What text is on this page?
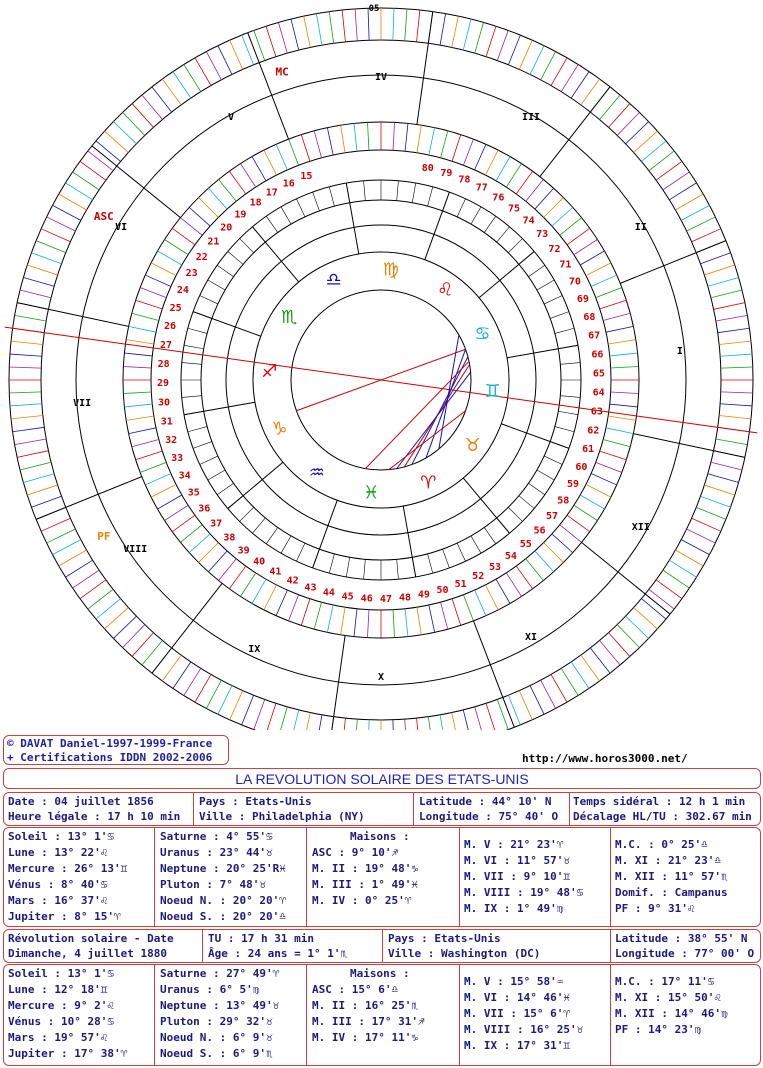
15
16
17
18
19
20
21
22
23
24
25
26
27
28
29
30
31
32
33
34
35
36
37
38
39
40
41
42
43 44 45 46 47 48 49 50
51
52
53
54
55
56
57
58
59
60
61
62
63
64
65
66
67
68
69
70
71
72
73
74
75
76
77
78
79
80
I
II
III
IV
V
VI
VII
VIII
IX
X
XI
XII
♋
♊
♉
♈
♓
♒
♑
♐
♏
♎ ♍
♌
ASC
MC
PF
05
© DAVAT Daniel-1997-1999-France
+ Certifications IDDN 2002-2006	http://www.horos3000.net/
LA REVOLUTION SOLAIRE DES ETATS-UNIS
Date : 04 juillet 1856
Heure légale : 17 h 10 min
Pays : Etats-Unis
Ville : Philadelphia (NY)
Latitude : 44° 10' N
Longitude : 75° 40' O
Temps sidéral : 12 h 1 min
Décalage HL/TU : 302.67 min
Soleil : 13° 1'♋
Lune : 13° 22'♌
Mercure : 26° 13'♊
Vénus : 8° 40'♋
Mars : 16° 37'♌
Jupiter : 8° 15'♈
Saturne : 4° 55'♋
Uranus : 23° 44'♉
Neptune : 20° 25'R♓
Pluton : 7° 48'♉
Noeud N. : 20° 20'♈
Noeud S. : 20° 20'♎
Maisons :
ASC : 9° 10'♐
M. II : 19° 48'♑
M. III : 1° 49'♓
M. IV : 0° 25'♈
M. V : 21° 23'♈
M. VI : 11° 57'♉
M. VII : 9° 10'♊
M. VIII : 19° 48'♋
M. IX : 1° 49'♍
M.C. : 0° 25'♎
M. XI : 21° 23'♎
M. XII : 11° 57'♏
Domif. : Campanus
PF : 9° 31'♌
Révolution solaire - Date
Dimanche, 4 juillet 1880
TU : 17 h 31 min
Âge : 24 ans = 1° 1'♏
Pays : Etats-Unis
Ville : Washington (DC)
Latitude : 38° 55' N
Longitude : 77° 00' O
Soleil : 13° 1'♋
Lune : 12° 18'♊
Mercure : 9° 2'♌
Vénus : 10° 28'♋
Mars : 19° 57'♌
Jupiter : 17° 38'♈
Saturne : 27° 49'♈
Uranus : 6° 5'♍
Neptune : 13° 49'♉
Pluton : 29° 32'♉
Noeud N. : 6° 9'♉
Noeud S. : 6° 9'♏
Maisons :
ASC : 15° 6'♎
M. II : 16° 25'♏
M. III : 17° 31'♐
M. IV : 17° 11'♑
M. V : 15° 58'♒
M. VI : 14° 46'♓
M. VII : 15° 6'♈
M. VIII : 16° 25'♉
M. IX : 17° 31'♊
M.C. : 17° 11'♋
M. XI : 15° 50'♌
M. XII : 14° 46'♍
PF : 14° 23'♍
